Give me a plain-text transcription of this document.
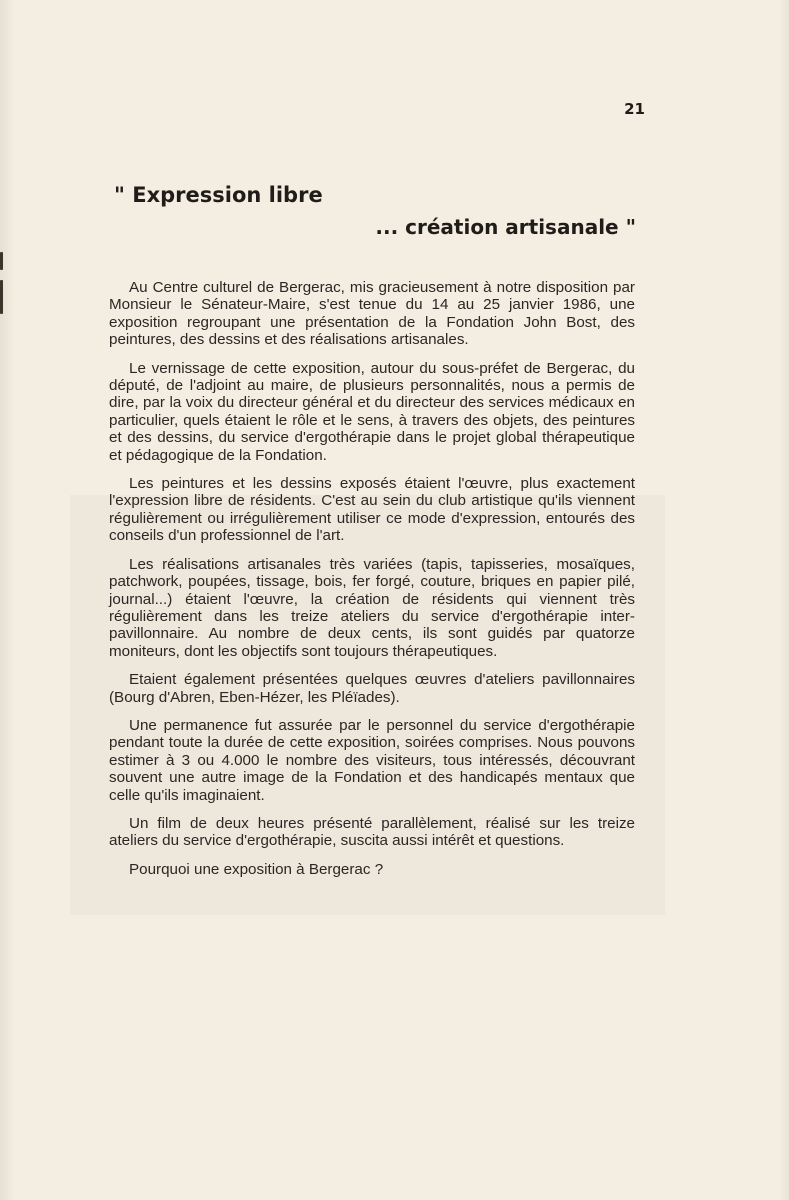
21
" Expression libre
... création artisanale "

Au Centre culturel de Bergerac, mis gracieusement à notre disposition par Monsieur le Sénateur-Maire, s'est tenue du 14 au 25 janvier 1986, une exposition regroupant une présentation de la Fondation John Bost, des peintures, des dessins et des réalisations artisanales.

Le vernissage de cette exposition, autour du sous-préfet de Bergerac, du député, de l'adjoint au maire, de plusieurs personnalités, nous a permis de dire, par la voix du directeur général et du directeur des services médicaux en particulier, quels étaient le rôle et le sens, à travers des objets, des peintures et des dessins, du service d'ergothérapie dans le projet global thérapeutique et pédagogique de la Fondation.

Les peintures et les dessins exposés étaient l'œuvre, plus exactement l'expression libre de résidents. C'est au sein du club artistique qu'ils viennent régulièrement ou irrégulièrement utiliser ce mode d'expression, entourés des conseils d'un professionnel de l'art.

Les réalisations artisanales très variées (tapis, tapisseries, mosaïques, patchwork, poupées, tissage, bois, fer forgé, couture, briques en papier pilé, journal...) étaient l'œuvre, la création de résidents qui viennent très régulièrement dans les treize ateliers du service d'ergothérapie inter-pavillonnaire. Au nombre de deux cents, ils sont guidés par quatorze moniteurs, dont les objectifs sont toujours thérapeutiques.

Etaient également présentées quelques œuvres d'ateliers pavillonnaires (Bourg d'Abren, Eben-Hézer, les Pléïades).

Une permanence fut assurée par le personnel du service d'ergothérapie pendant toute la durée de cette exposition, soirées comprises. Nous pouvons estimer à 3 ou 4.000 le nombre des visiteurs, tous intéressés, découvrant souvent une autre image de la Fondation et des handicapés mentaux que celle qu'ils imaginaient.

Un film de deux heures présenté parallèlement, réalisé sur les treize ateliers du service d'ergothérapie, suscita aussi intérêt et questions.

Pourquoi une exposition à Bergerac ?
